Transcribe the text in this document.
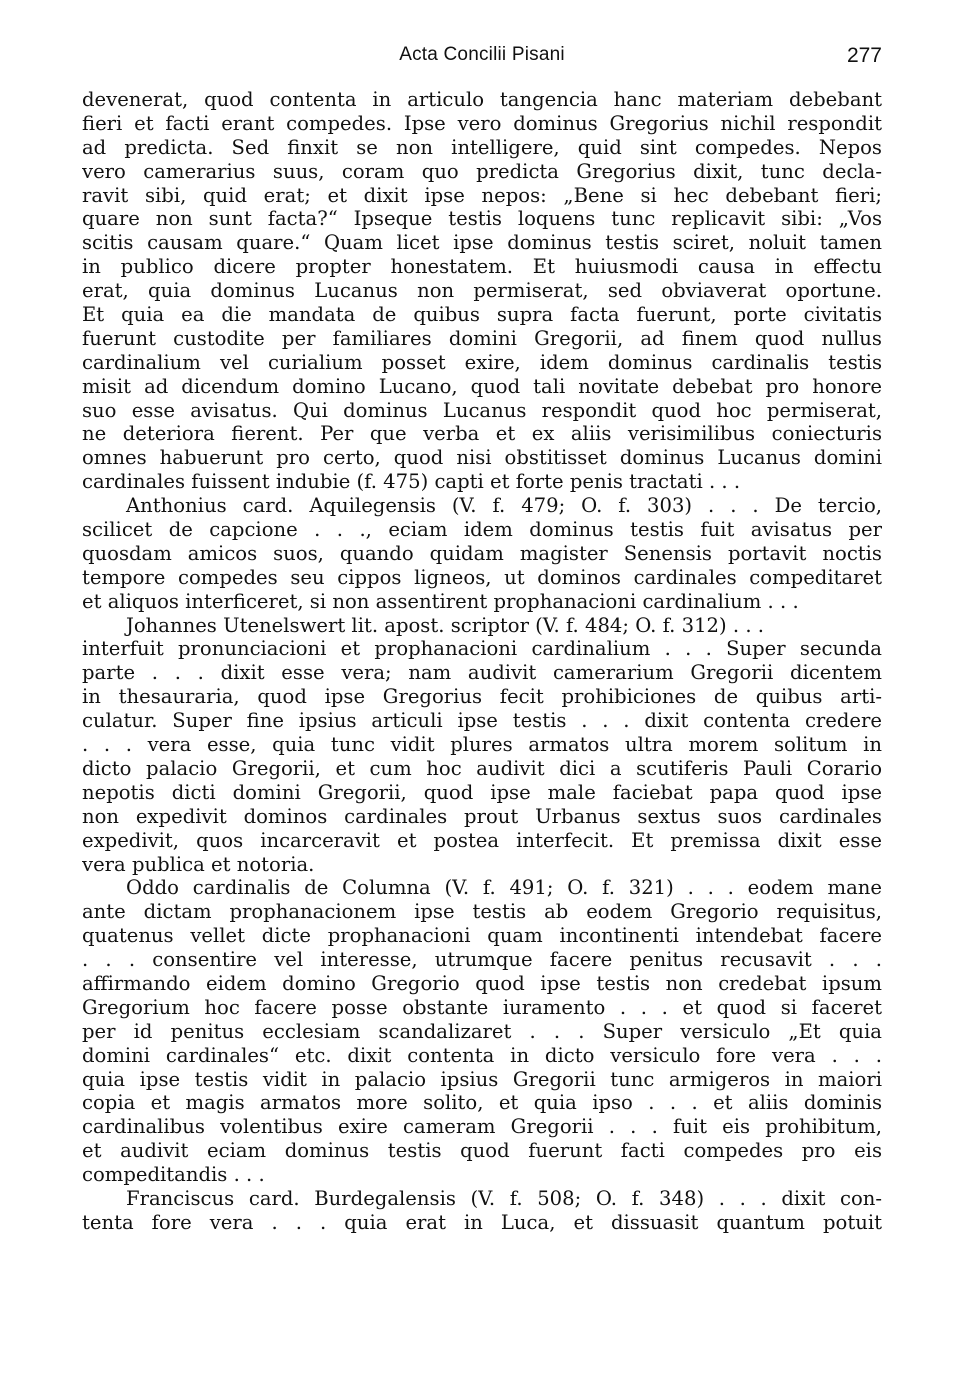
Acta Concilii Pisani	277
devenerat, quod contenta in articulo tangencia hanc materiam debebant
fieri et facti erant compedes. Ipse vero dominus Gregorius nichil respondit
ad predicta. Sed finxit se non intelligere, quid sint compedes. Nepos
vero camerarius suus, coram quo predicta Gregorius dixit, tunc decla-
ravit sibi, quid erat; et dixit ipse nepos: „Bene si hec debebant fieri;
quare non sunt facta?“ Ipseque testis loquens tunc replicavit sibi: „Vos
scitis causam quare.“ Quam licet ipse dominus testis sciret, noluit tamen
in publico dicere propter honestatem. Et huiusmodi causa in effectu
erat, quia dominus Lucanus non permiserat, sed obviaverat oportune.
Et quia ea die mandata de quibus supra facta fuerunt, porte civitatis
fuerunt custodite per familiares domini Gregorii, ad finem quod nullus
cardinalium vel curialium posset exire, idem dominus cardinalis testis
misit ad dicendum domino Lucano, quod tali novitate debebat pro honore
suo esse avisatus. Qui dominus Lucanus respondit quod hoc permiserat,
ne deteriora fierent. Per que verba et ex aliis verisimilibus coniecturis
omnes habuerunt pro certo, quod nisi obstitisset dominus Lucanus domini
cardinales fuissent indubie (f. 475) capti et forte penis tractati . . .
Anthonius card. Aquilegensis (V. f. 479; O. f. 303) . . . De tercio,
scilicet de capcione . . ., eciam idem dominus testis fuit avisatus per
quosdam amicos suos, quando quidam magister Senensis portavit noctis
tempore compedes seu cippos ligneos, ut dominos cardinales compeditaret
et aliquos interficeret, si non assentirent prophanacioni cardinalium . . .
Johannes Utenelswert lit. apost. scriptor (V. f. 484; O. f. 312) . . .
interfuit pronunciacioni et prophanacioni cardinalium . . . Super secunda
parte . . . dixit esse vera; nam audivit camerarium Gregorii dicentem
in thesauraria, quod ipse Gregorius fecit prohibiciones de quibus arti-
culatur. Super fine ipsius articuli ipse testis . . . dixit contenta credere
. . . vera esse, quia tunc vidit plures armatos ultra morem solitum in
dicto palacio Gregorii, et cum hoc audivit dici a scutiferis Pauli Corario
nepotis dicti domini Gregorii, quod ipse male faciebat papa quod ipse
non expedivit dominos cardinales prout Urbanus sextus suos cardinales
expedivit, quos incarceravit et postea interfecit. Et premissa dixit esse
vera publica et notoria.
Oddo cardinalis de Columna (V. f. 491; O. f. 321) . . . eodem mane
ante dictam prophanacionem ipse testis ab eodem Gregorio requisitus,
quatenus vellet dicte prophanacioni quam incontinenti intendebat facere
. . . consentire vel interesse, utrumque facere penitus recusavit . . .
affirmando eidem domino Gregorio quod ipse testis non credebat ipsum
Gregorium hoc facere posse obstante iuramento . . . et quod si faceret
per id penitus ecclesiam scandalizaret . . . Super versiculo „Et quia
domini cardinales“ etc. dixit contenta in dicto versiculo fore vera . . .
quia ipse testis vidit in palacio ipsius Gregorii tunc armigeros in maiori
copia et magis armatos more solito, et quia ipso . . . et aliis dominis
cardinalibus volentibus exire cameram Gregorii . . . fuit eis prohibitum,
et audivit eciam dominus testis quod fuerunt facti compedes pro eis
compeditandis . . .
Franciscus card. Burdegalensis (V. f. 508; O. f. 348) . . . dixit con-
tenta fore vera . . . quia erat in Luca, et dissuasit quantum potuit
